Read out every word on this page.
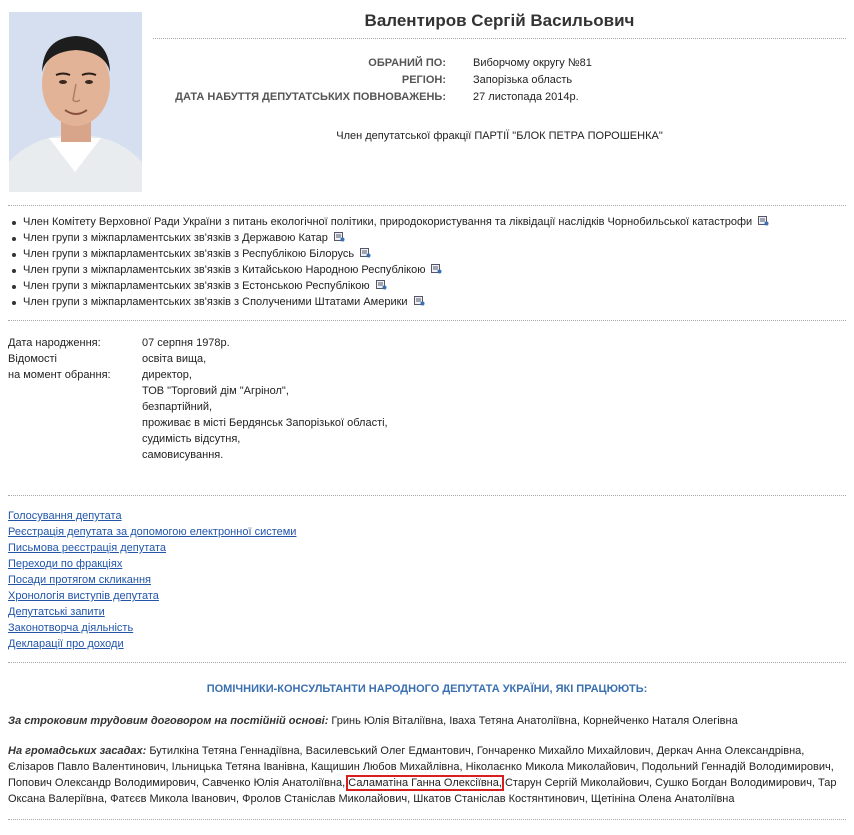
Валентиров Сергій Васильович
ОБРАНИЙ ПО: Виборчому округу №81
РЕГІОН: Запорізька область
ДАТА НАБУТТЯ ДЕПУТАТСЬКИХ ПОВНОВАЖЕНЬ: 27 листопада 2014р.
Член депутатської фракції ПАРТІЇ "БЛОК ПЕТРА ПОРОШЕНКА"
Член Комітету Верховної Ради України з питань екологічної політики, природокористування та ліквідації наслідків Чорнобильської катастрофи
Член групи з міжпарламентських зв'язків з Державою Катар
Член групи з міжпарламентських зв'язків з Республікою Білорусь
Член групи з міжпарламентських зв'язків з Китайською Народною Республікою
Член групи з міжпарламентських зв'язків з Естонською Республікою
Член групи з міжпарламентських зв'язків з Сполученими Штатами Америки
Дата народження:
Відомості
на момент обрання:
07 серпня 1978р.
освіта вища,
директор,
ТОВ "Торговий дім "Агрінол",
безпартійний,
проживає в місті Бердянськ Запорізької області,
судимість відсутня,
самовисування.
Голосування депутата
Реєстрація депутата за допомогою електронної системи
Письмова реєстрація депутата
Переходи по фракціях
Посади протягом скликання
Хронологія виступів депутата
Депутатські запити
Законотворча діяльність
Декларації про доходи
ПОМІЧНИКИ-КОНСУЛЬТАНТИ НАРОДНОГО ДЕПУТАТА УКРАЇНИ, ЯКІ ПРАЦЮЮТЬ:
За строковим трудовим договором на постійній основі: Гринь Юлія Віталіївна, Іваха Тетяна Анатоліївна, Корнейченко Наталя Олегівна
На громадських засадах: Бутилкіна Тетяна Геннадіївна, Василевський Олег Едмантович, Гончаренко Михайло Михайлович, Деркач Анна Олександрівна, Єлізаров Павло Валентинович, Ільницька Тетяна Іванівна, Кащишин Любов Михайлівна, Ніколаєнко Микола Миколайович, Подольний Геннадій Володимирович, Попович Олександр Володимирович, Савченко Юлія Анатоліївна, Саламатіна Ганна Олексіївна, Старун Сергій Миколайович, Сушко Богдан Володимирович, Тар Оксана Валеріївна, Фатєєв Микола Іванович, Фролов Станіслав Миколайович, Шкатов Станіслав Костянтинович, Щетініна Олена Анатоліївна
